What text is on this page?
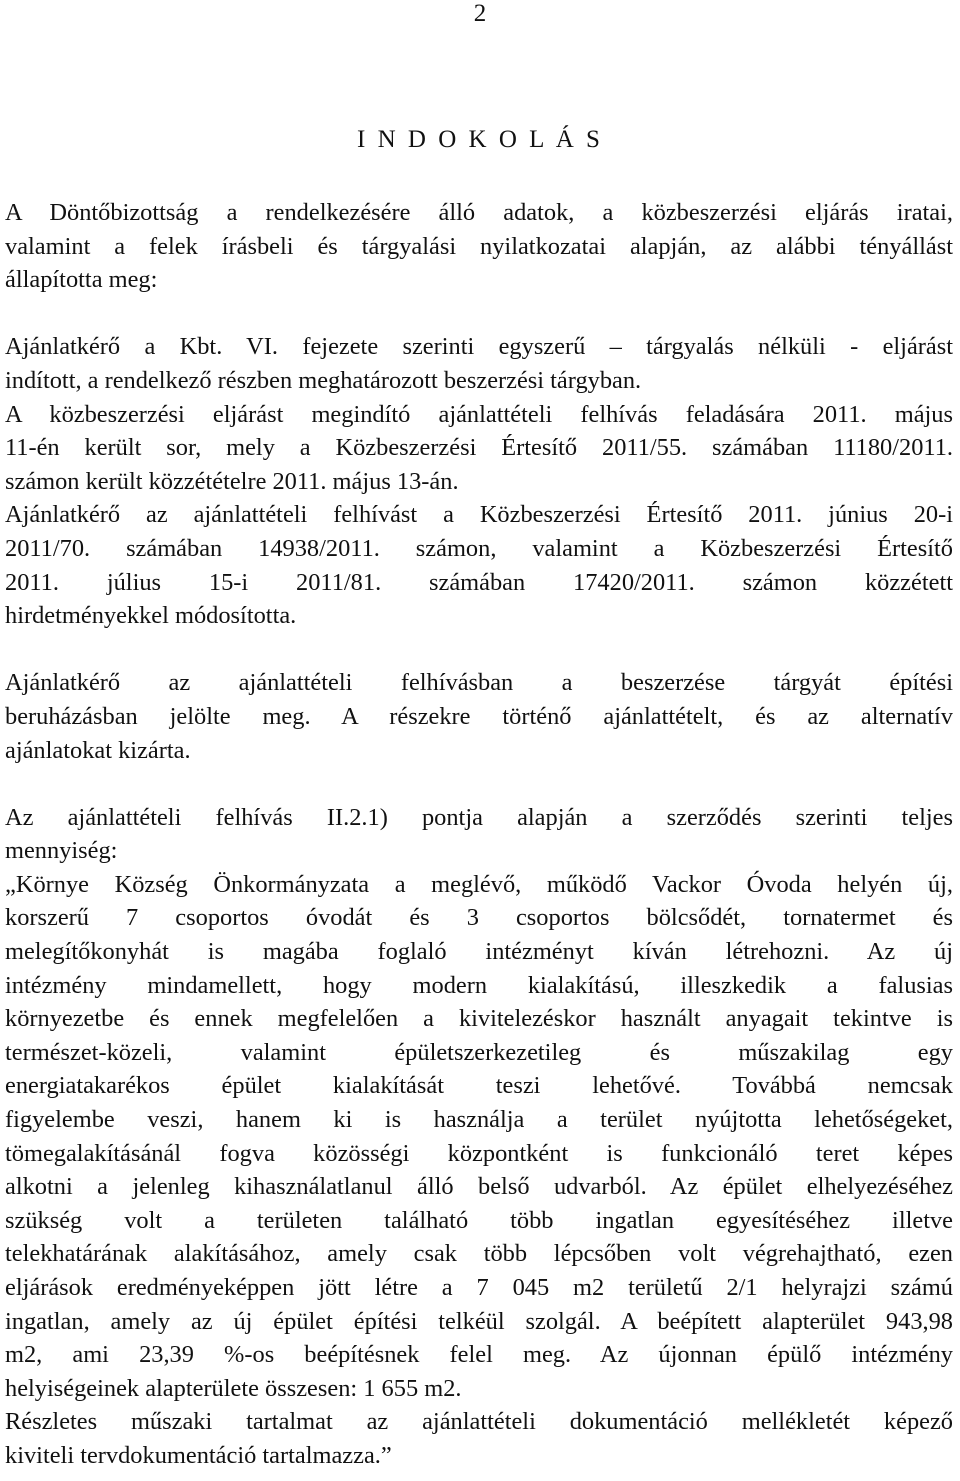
2
I N D O K O L Á S

A Döntőbizottság a rendelkezésére álló adatok, a közbeszerzési eljárás iratai,
valamint a felek írásbeli és tárgyalási nyilatkozatai alapján, az alábbi tényállást
állapította meg:

Ajánlatkérő a Kbt. VI. fejezete szerinti egyszerű – tárgyalás nélküli - eljárást
indított, a rendelkező részben meghatározott beszerzési tárgyban.
A közbeszerzési eljárást megindító ajánlattételi felhívás feladására 2011. május
11-én került sor, mely a Közbeszerzési Értesítő 2011/55. számában 11180/2011.
számon került közzétételre 2011. május 13-án.
Ajánlatkérő az ajánlattételi felhívást a Közbeszerzési Értesítő 2011. június 20-i
2011/70. számában 14938/2011. számon, valamint a Közbeszerzési Értesítő
2011. július 15-i 2011/81. számában 17420/2011. számon közzétett
hirdetményekkel módosította.

Ajánlatkérő az ajánlattételi felhívásban a beszerzése tárgyát építési
beruházásban jelölte meg. A részekre történő ajánlattételt, és az alternatív
ajánlatokat kizárta.

Az ajánlattételi felhívás II.2.1) pontja alapján a szerződés szerinti teljes
mennyiség:
„Környe Község Önkormányzata a meglévő, működő Vackor Óvoda helyén új,
korszerű 7 csoportos óvodát és 3 csoportos bölcsődét, tornatermet és
melegítőkonyhát is magába foglaló intézményt kíván létrehozni. Az új
intézmény mindamellett, hogy modern kialakítású, illeszkedik a falusias
környezetbe és ennek megfelelően a kivitelezéskor használt anyagait tekintve is
természet-közeli, valamint épületszerkezetileg és műszakilag egy
energiatakarékos épület kialakítását teszi lehetővé. Továbbá nemcsak
figyelembe veszi, hanem ki is használja a terület nyújtotta lehetőségeket,
tömegalakításánál fogva közösségi központként is funkcionáló teret képes
alkotni a jelenleg kihasználatlanul álló belső udvarból. Az épület elhelyezéséhez
szükség volt a területen található több ingatlan egyesítéséhez illetve
telekhatárának alakításához, amely csak több lépcsőben volt végrehajtható, ezen
eljárások eredményeképpen jött létre a 7 045 m2 területű 2/1 helyrajzi számú
ingatlan, amely az új épület építési telkéül szolgál. A beépített alapterület 943,98
m2, ami 23,39 %-os beépítésnek felel meg. Az újonnan épülő intézmény
helyiségeinek alapterülete összesen: 1 655 m2.
Részletes műszaki tartalmat az ajánlattételi dokumentáció mellékletét képező
kiviteli tervdokumentáció tartalmazza.”
